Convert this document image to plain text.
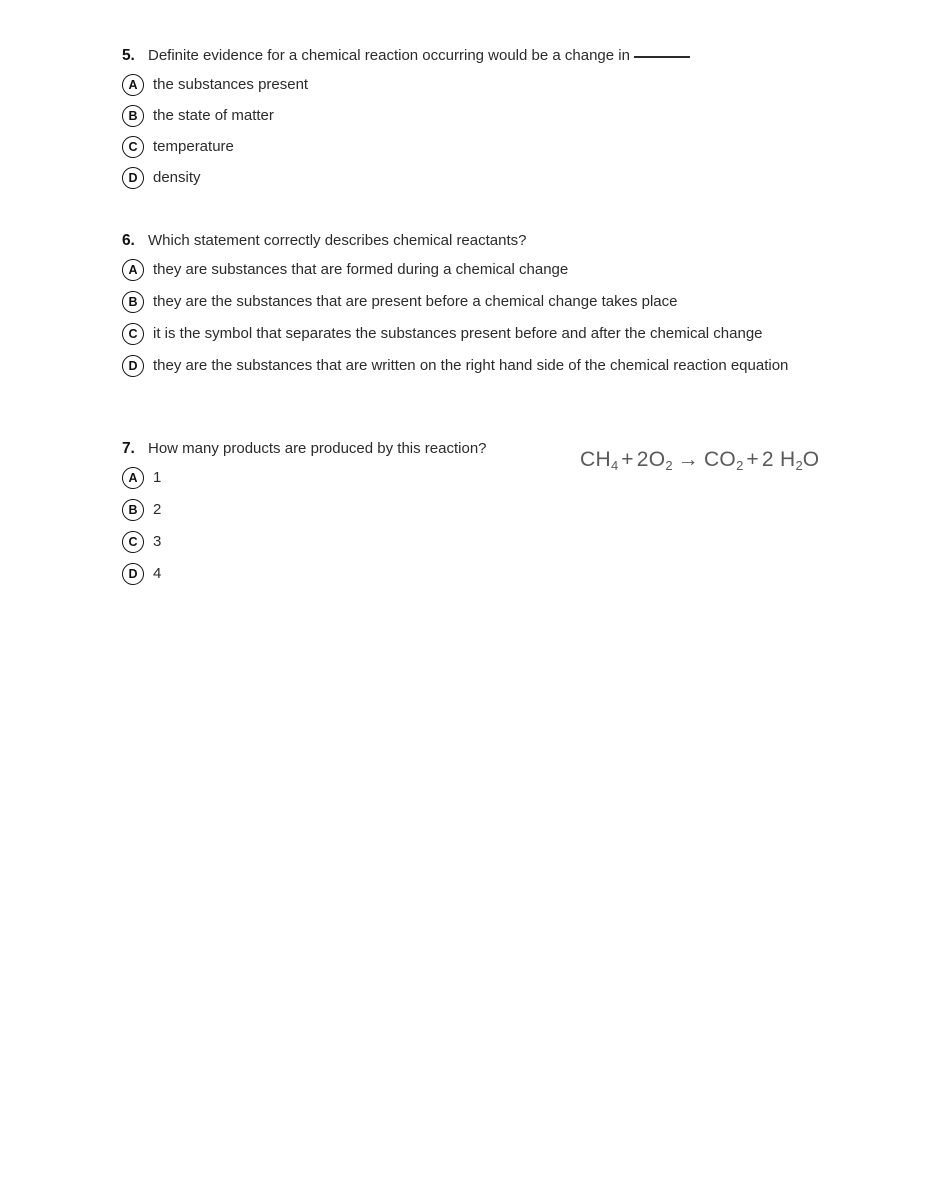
5. Definite evidence for a chemical reaction occurring would be a change in
A	the substances present
B	the state of matter
C	temperature
D	density
6. Which statement correctly describes chemical reactants?
A	they are substances that are formed during a chemical change
B	they are the substances that are present before a chemical change takes place
C	it is the symbol that separates the substances present before and after the chemical change
D	they are the substances that are written on the right hand side of the chemical reaction equation
7. How many products are produced by this reaction?
A	1
B	2
C	3
D	4
$CH_4 + 2O_2 \to CO_2 + 2$ $H_2O$
